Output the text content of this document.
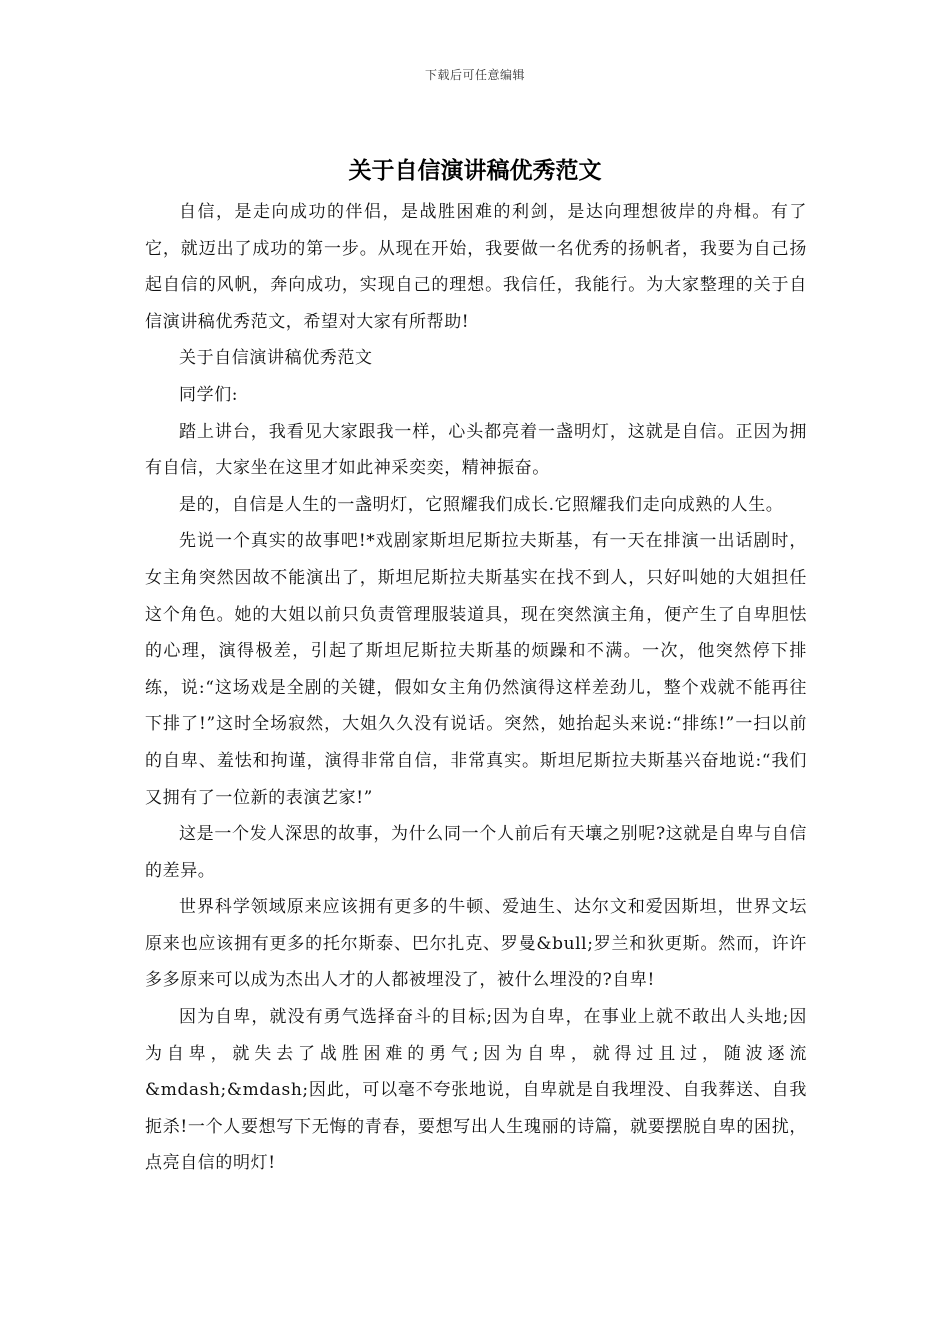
下载后可任意编辑
关于自信演讲稿优秀范文

自信，是走向成功的伴侣，是战胜困难的利剑，是达向理想彼岸的舟楫。有了它，就迈出了成功的第一步。从现在开始，我要做一名优秀的扬帆者，我要为自己扬起自信的风帆，奔向成功，实现自己的理想。我信任，我能行。为大家整理的关于自信演讲稿优秀范文，希望对大家有所帮助!

关于自信演讲稿优秀范文

同学们:

踏上讲台，我看见大家跟我一样，心头都亮着一盏明灯，这就是自信。正因为拥有自信，大家坐在这里才如此神采奕奕，精神振奋。

是的，自信是人生的一盏明灯，它照耀我们成长.它照耀我们走向成熟的人生。

先说一个真实的故事吧!*戏剧家斯坦尼斯拉夫斯基，有一天在排演一出话剧时，女主角突然因故不能演出了，斯坦尼斯拉夫斯基实在找不到人，只好叫她的大姐担任这个角色。她的大姐以前只负责管理服装道具，现在突然演主角，便产生了自卑胆怯的心理，演得极差，引起了斯坦尼斯拉夫斯基的烦躁和不满。一次，他突然停下排练，说:“这场戏是全剧的关键，假如女主角仍然演得这样差劲儿，整个戏就不能再往下排了!”这时全场寂然，大姐久久没有说话。突然，她抬起头来说:“排练!”一扫以前的自卑、羞怯和拘谨，演得非常自信，非常真实。斯坦尼斯拉夫斯基兴奋地说:“我们又拥有了一位新的表演艺家!”

这是一个发人深思的故事，为什么同一个人前后有天壤之别呢?这就是自卑与自信的差异。

世界科学领域原来应该拥有更多的牛顿、爱迪生、达尔文和爱因斯坦，世界文坛原来也应该拥有更多的托尔斯泰、巴尔扎克、罗曼&bull;罗兰和狄更斯。然而，许许多多原来可以成为杰出人才的人都被埋没了，被什么埋没的?自卑!

因为自卑，就没有勇气选择奋斗的目标;因为自卑，在事业上就不敢出人头地;因为自卑，就失去了战胜困难的勇气;因为自卑，就得过且过，随波逐流&mdash;&mdash;因此，可以毫不夸张地说，自卑就是自我埋没、自我葬送、自我扼杀!一个人要想写下无悔的青春，要想写出人生瑰丽的诗篇，就要摆脱自卑的困扰，点亮自信的明灯!
